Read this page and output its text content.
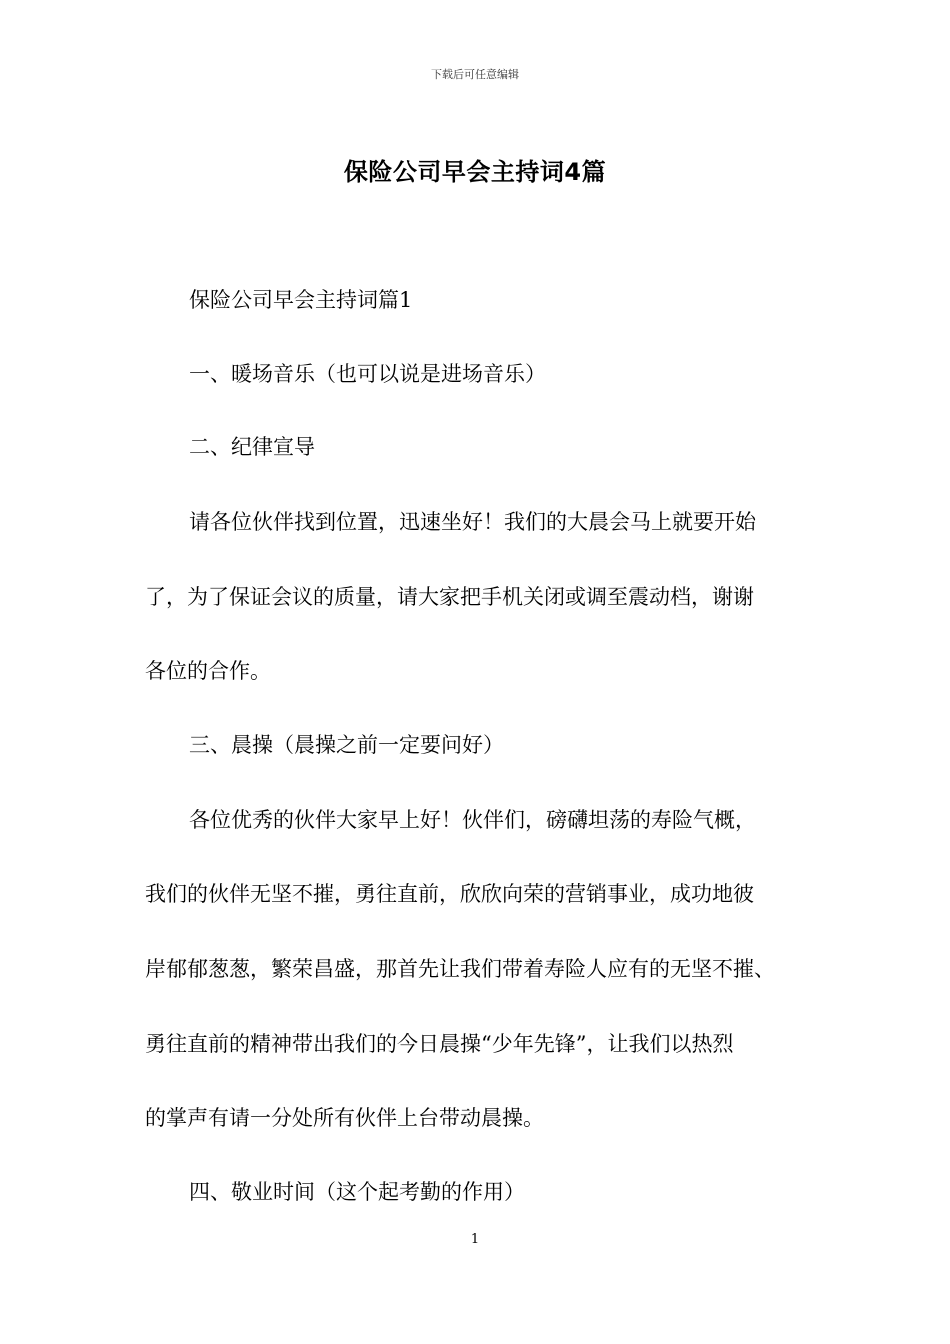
下载后可任意编辑
保险公司早会主持词4篇

保险公司早会主持词篇1

一、暖场音乐（也可以说是进场音乐）

二、纪律宣导

请各位伙伴找到位置，迅速坐好！我们的大晨会马上就要开始

了，为了保证会议的质量，请大家把手机关闭或调至震动档，谢谢

各位的合作。

三、晨操（晨操之前一定要问好）

各位优秀的伙伴大家早上好！伙伴们，磅礴坦荡的寿险气概，

我们的伙伴无坚不摧，勇往直前，欣欣向荣的营销事业，成功地彼

岸郁郁葱葱，繁荣昌盛，那首先让我们带着寿险人应有的无坚不摧、

勇往直前的精神带出我们的今日晨操“少年先锋”，让我们以热烈

的掌声有请一分处所有伙伴上台带动晨操。

四、敬业时间（这个起考勤的作用）

1
